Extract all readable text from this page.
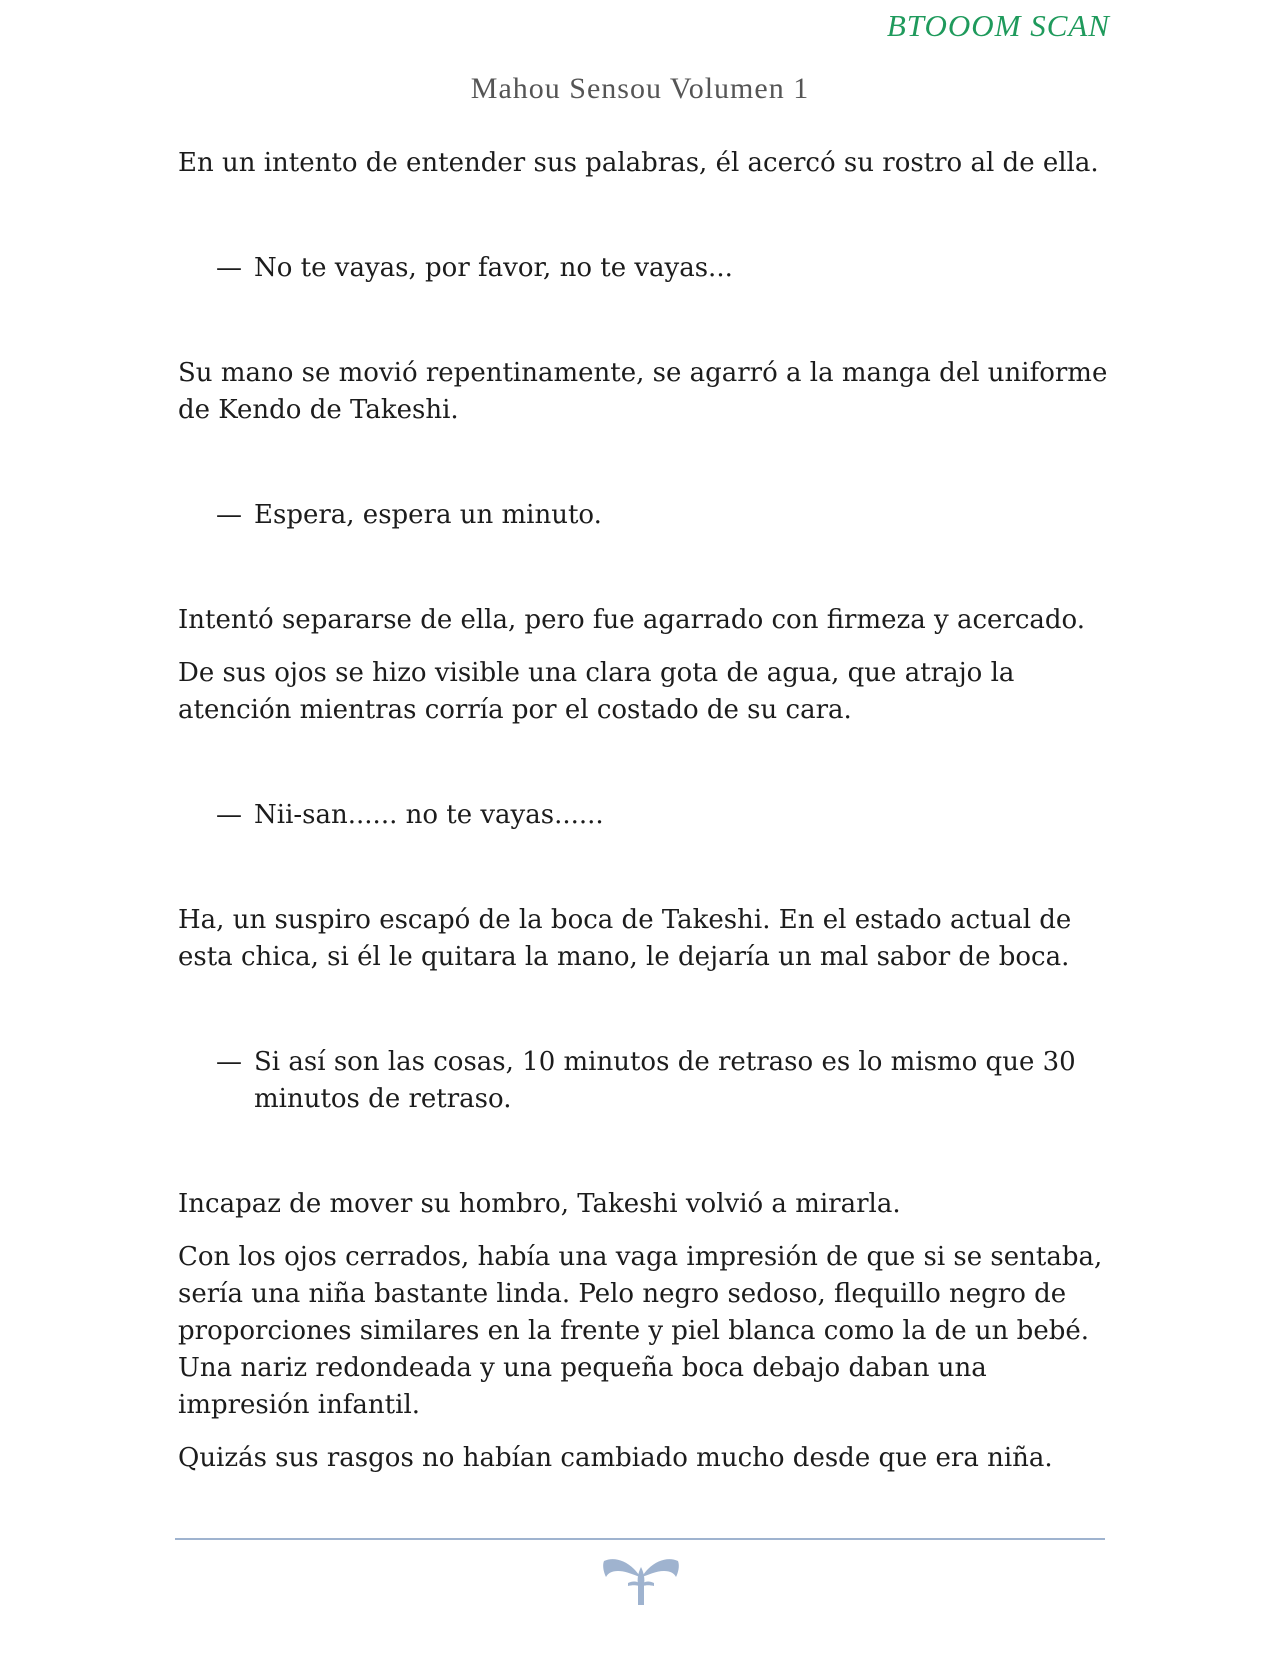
BTOOOM SCAN
Mahou Sensou Volumen 1

En un intento de entender sus palabras, él acercó su rostro al de ella.

— No te vayas, por favor, no te vayas...

Su mano se movió repentinamente, se agarró a la manga del uniforme de Kendo de Takeshi.

— Espera, espera un minuto.

Intentó separarse de ella, pero fue agarrado con firmeza y acercado.

De sus ojos se hizo visible una clara gota de agua, que atrajo la atención mientras corría por el costado de su cara.

— Nii-san...... no te vayas......

Ha, un suspiro escapó de la boca de Takeshi. En el estado actual de esta chica, si él le quitara la mano, le dejaría un mal sabor de boca.

— Si así son las cosas, 10 minutos de retraso es lo mismo que 30 minutos de retraso.

Incapaz de mover su hombro, Takeshi volvió a mirarla.

Con los ojos cerrados, había una vaga impresión de que si se sentaba, sería una niña bastante linda. Pelo negro sedoso, flequillo negro de proporciones similares en la frente y piel blanca como la de un bebé. Una nariz redondeada y una pequeña boca debajo daban una impresión infantil.

Quizás sus rasgos no habían cambiado mucho desde que era niña.
